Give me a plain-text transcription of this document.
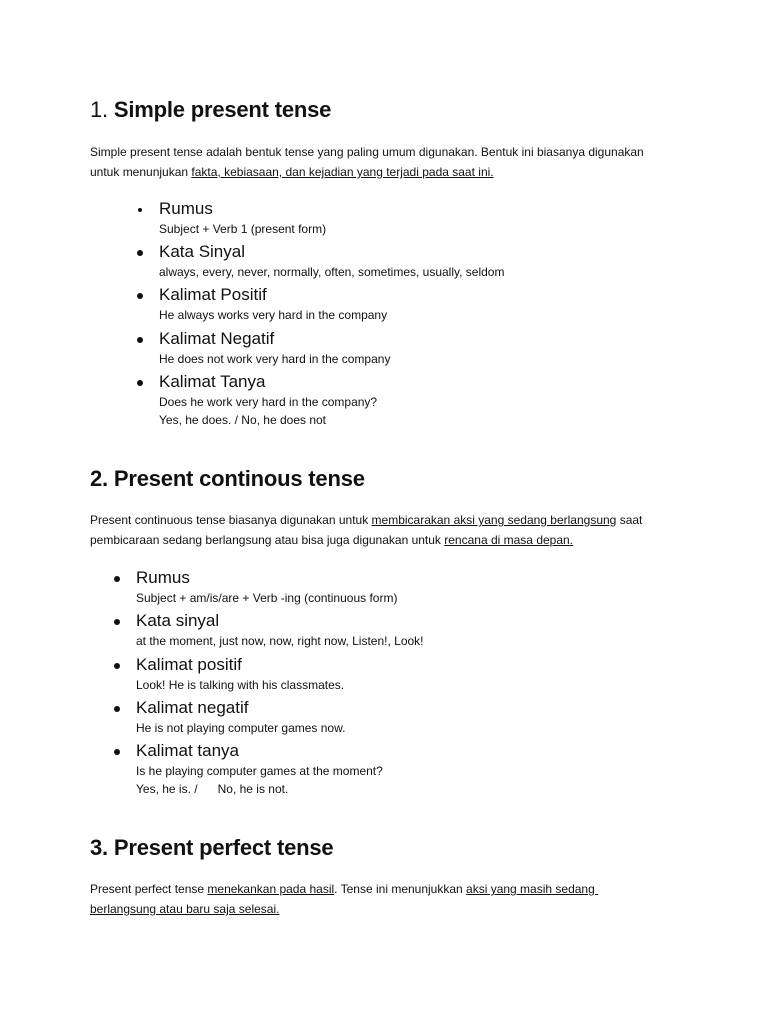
1. Simple present tense

Simple present tense adalah bentuk tense yang paling umum digunakan. Bentuk ini biasanya digunakan
untuk menunjukan fakta, kebiasaan, dan kejadian yang terjadi pada saat ini.

Rumus
Subject + Verb 1 (present form)
Kata Sinyal
always, every, never, normally, often, sometimes, usually, seldom
Kalimat Positif
He always works very hard in the company
Kalimat Negatif
He does not work very hard in the company
Kalimat Tanya
Does he work very hard in the company?
Yes, he does. / No, he does not
2. Present continous tense

Present continuous tense biasanya digunakan untuk membicarakan aksi yang sedang berlangsung saat
pembicaraan sedang berlangsung atau bisa juga digunakan untuk rencana di masa depan.

Rumus
Subject + am/is/are + Verb -ing (continuous form)
Kata sinyal
at the moment, just now, now, right now, Listen!, Look!
Kalimat positif
Look! He is talking with his classmates.
Kalimat negatif
He is not playing computer games now.
Kalimat tanya
Is he playing computer games at the moment?
Yes, he is. /      No, he is not.
3. Present perfect tense

Present perfect tense menekankan pada hasil. Tense ini menunjukkan aksi yang masih sedang
berlangsung atau baru saja selesai.
